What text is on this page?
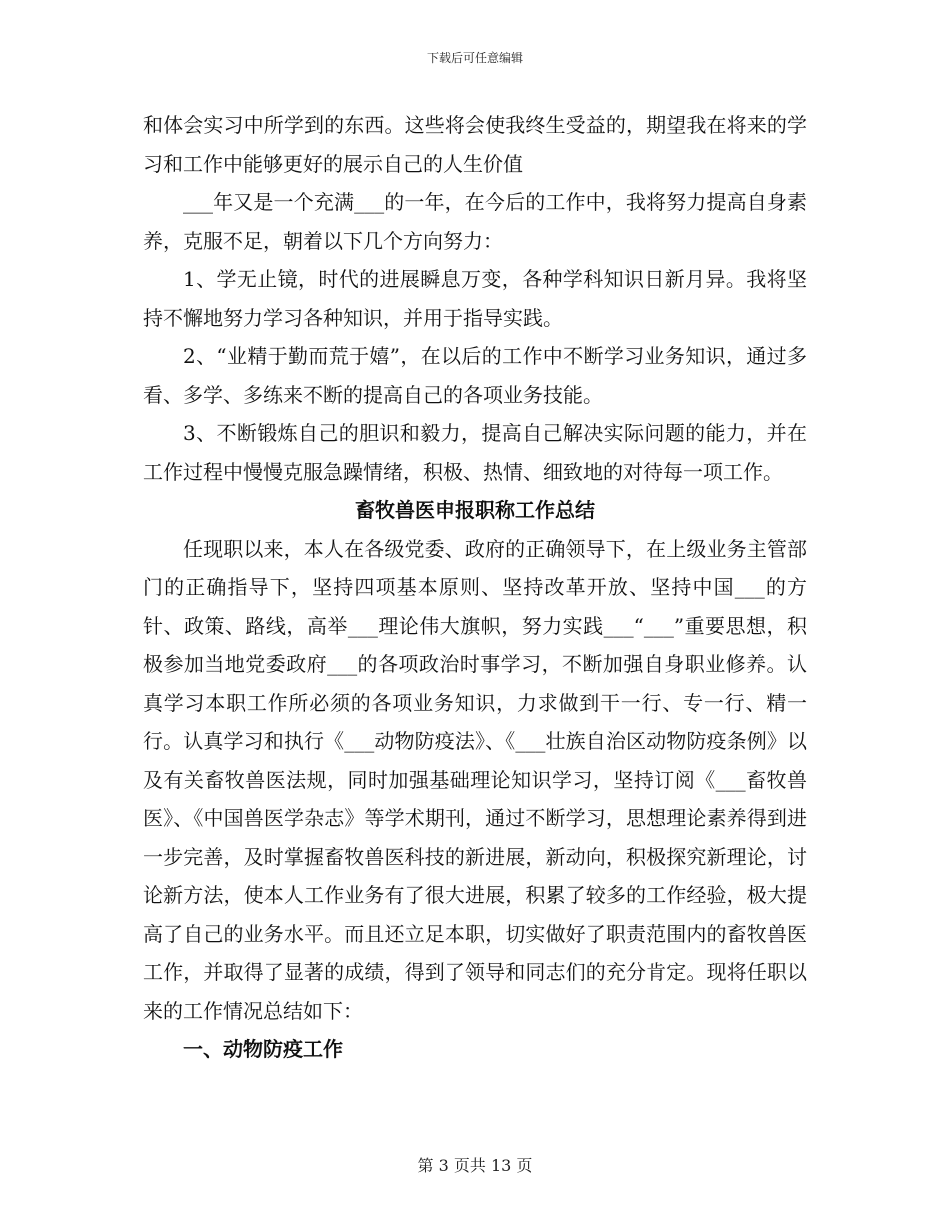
下载后可任意编辑

和体会实习中所学到的东西。这些将会使我终生受益的，期望我在将来的学习和工作中能够更好的展示自己的人生价值

___年又是一个充满___的一年，在今后的工作中，我将努力提高自身素养，克服不足，朝着以下几个方向努力：

1、学无止镜，时代的进展瞬息万变，各种学科知识日新月异。我将坚持不懈地努力学习各种知识，并用于指导实践。

2、“业精于勤而荒于嬉”，在以后的工作中不断学习业务知识，通过多看、多学、多练来不断的提高自己的各项业务技能。

3、不断锻炼自己的胆识和毅力，提高自己解决实际问题的能力，并在工作过程中慢慢克服急躁情绪，积极、热情、细致地的对待每一项工作。

畜牧兽医申报职称工作总结

任现职以来，本人在各级党委、政府的正确领导下，在上级业务主管部门的正确指导下，坚持四项基本原则、坚持改革开放、坚持中国___的方针、政策、路线，高举___理论伟大旗帜，努力实践___“___”重要思想，积极参加当地党委政府___的各项政治时事学习，不断加强自身职业修养。认真学习本职工作所必须的各项业务知识，力求做到干一行、专一行、精一行。认真学习和执行《___动物防疫法》、《___壮族自治区动物防疫条例》以及有关畜牧兽医法规，同时加强基础理论知识学习，坚持订阅《___畜牧兽医》、《中国兽医学杂志》等学术期刊，通过不断学习，思想理论素养得到进一步完善，及时掌握畜牧兽医科技的新进展，新动向，积极探究新理论，讨论新方法，使本人工作业务有了很大进展，积累了较多的工作经验，极大提高了自己的业务水平。而且还立足本职，切实做好了职责范围内的畜牧兽医工作，并取得了显著的成绩，得到了领导和同志们的充分肯定。现将任职以来的工作情况总结如下：

一、动物防疫工作
第 3 页共 13 页
